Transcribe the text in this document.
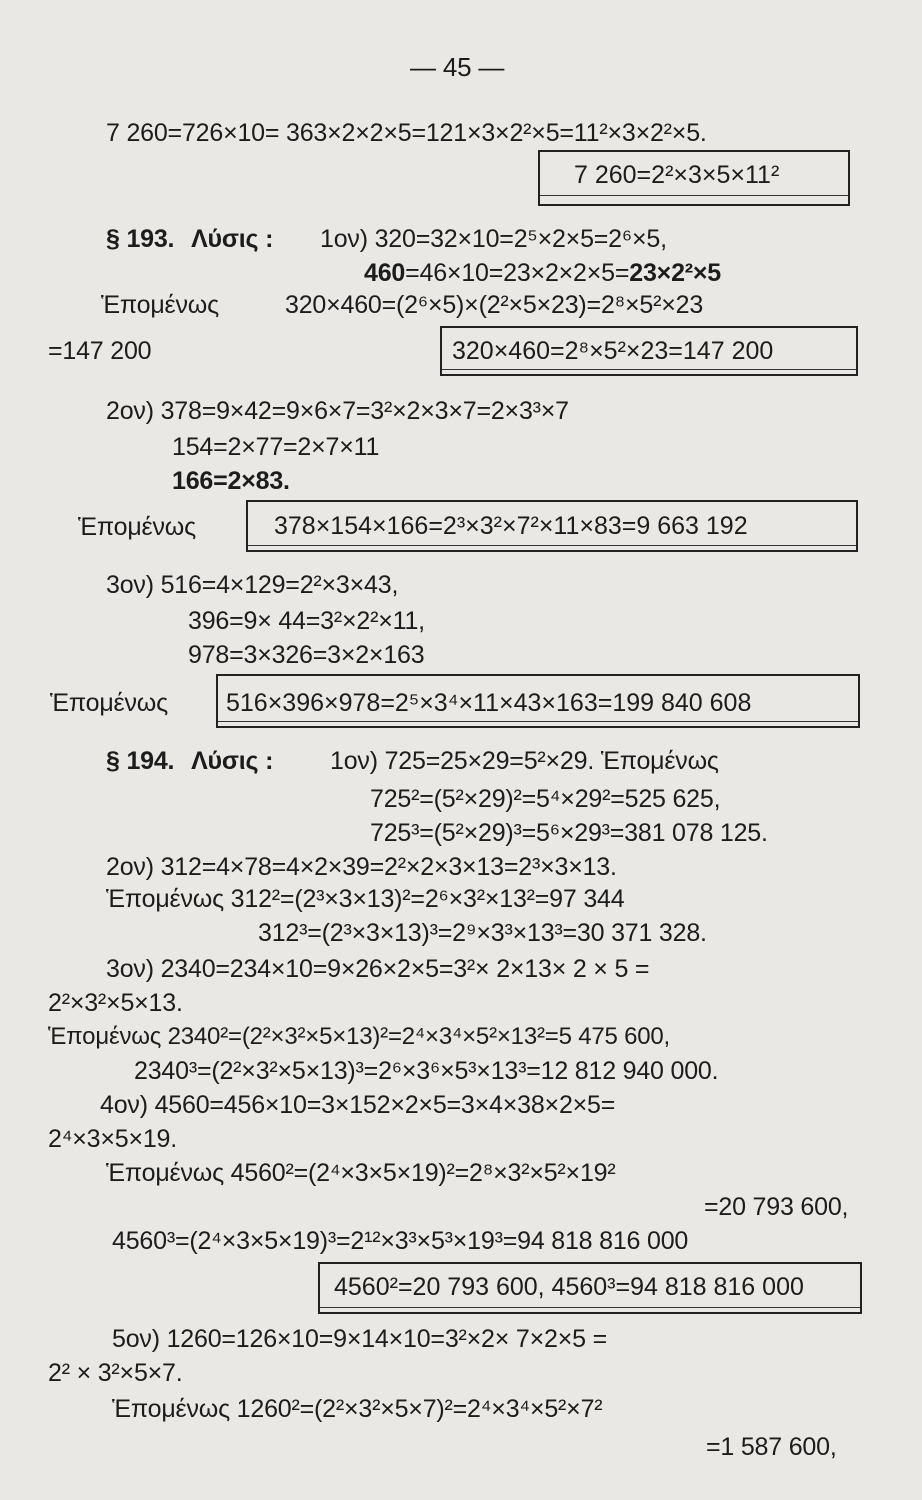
— 45 —
7 260=726×10= 363×2×2×5=121×3×2²×5=11²×3×2²×5.
7 260=2²×3×5×11²
§ 193. Λύσις : 1ον) 320=32×10=2⁵×2×5=2⁶×5,
460=46×10=23×2×2×5=23×2²×5
Ἑπομένως	320×460=(2⁶×5)×(2²×5×23)=2⁸×5²×23
=147 200	320×460=2⁸×5²×23=147 200
2ον) 378=9×42=9×6×7=3²×2×3×7=2×3³×7
154=2×77=2×7×11
166=2×83.
Ἑπομένως	378×154×166=2³×3²×7²×11×83=9 663 192
3ον) 516=4×129=2²×3×43,
396=9× 44=3²×2²×11,
978=3×326=3×2×163
Ἑπομένως	516×396×978=2⁵×3⁴×11×43×163=199 840 608
§ 194. Λύσις : 1ον) 725=25×29=5²×29. Ἑπομένως
725²=(5²×29)²=5⁴×29²=525 625,
725³=(5²×29)³=5⁶×29³=381 078 125.
2ον) 312=4×78=4×2×39=2²×2×3×13=2³×3×13.
Ἑπομένως 312²=(2³×3×13)²=2⁶×3²×13²=97 344
312³=(2³×3×13)³=2⁹×3³×13³=30 371 328.
3ον) 2340=234×10=9×26×2×5=3²× 2×13× 2 × 5 =
2²×3²×5×13.
Ἑπομένως 2340²=(2²×3²×5×13)²=2⁴×3⁴×5²×13²=5 475 600,
2340³=(2²×3²×5×13)³=2⁶×3⁶×5³×13³=12 812 940 000.
4ον) 4560=456×10=3×152×2×5=3×4×38×2×5=
2⁴×3×5×19.
Ἑπομένως 4560²=(2⁴×3×5×19)²=2⁸×3²×5²×19²
=20 793 600,
4560³=(2⁴×3×5×19)³=2¹²×3³×5³×19³=94 818 816 000
4560²=20 793 600, 4560³=94 818 816 000
5ον) 1260=126×10=9×14×10=3²×2× 7×2×5 =
2² × 3²×5×7.
Ἑπομένως 1260²=(2²×3²×5×7)²=2⁴×3⁴×5²×7²
=1 587 600,
